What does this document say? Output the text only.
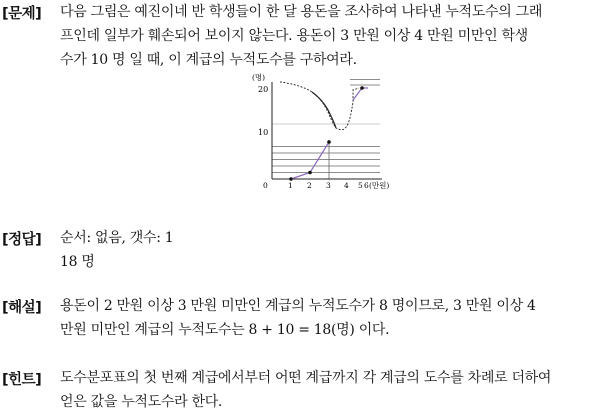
[문제] 다음 그림은 예진이네 반 학생들이 한 달 용돈을 조사하여 나타낸 누적도수의 그래
프인데 일부가 훼손되어 보이지 않는다. 용돈이 3 만원 이상 4 만원 미만인 학생
수가 10 명 일 때, 이 계급의 누적도수를 구하여라.
(명)
20
10
0	1 2 3 4 5 6 (만원)
[정답] 순서: 없음, 갯수: 1
18 명
[해설] 용돈이 2 만원 이상 3 만원 미만인 계급의 누적도수가 8 명이므로, 3 만원 이상 4
만원 미만인 계급의 누적도수는 8 + 10 = 18(명) 이다.
[힌트] 도수분포표의 첫 번째 계급에서부터 어떤 계급까지 각 계급의 도수를 차례로 더하여
얻은 값을 누적도수라 한다.
